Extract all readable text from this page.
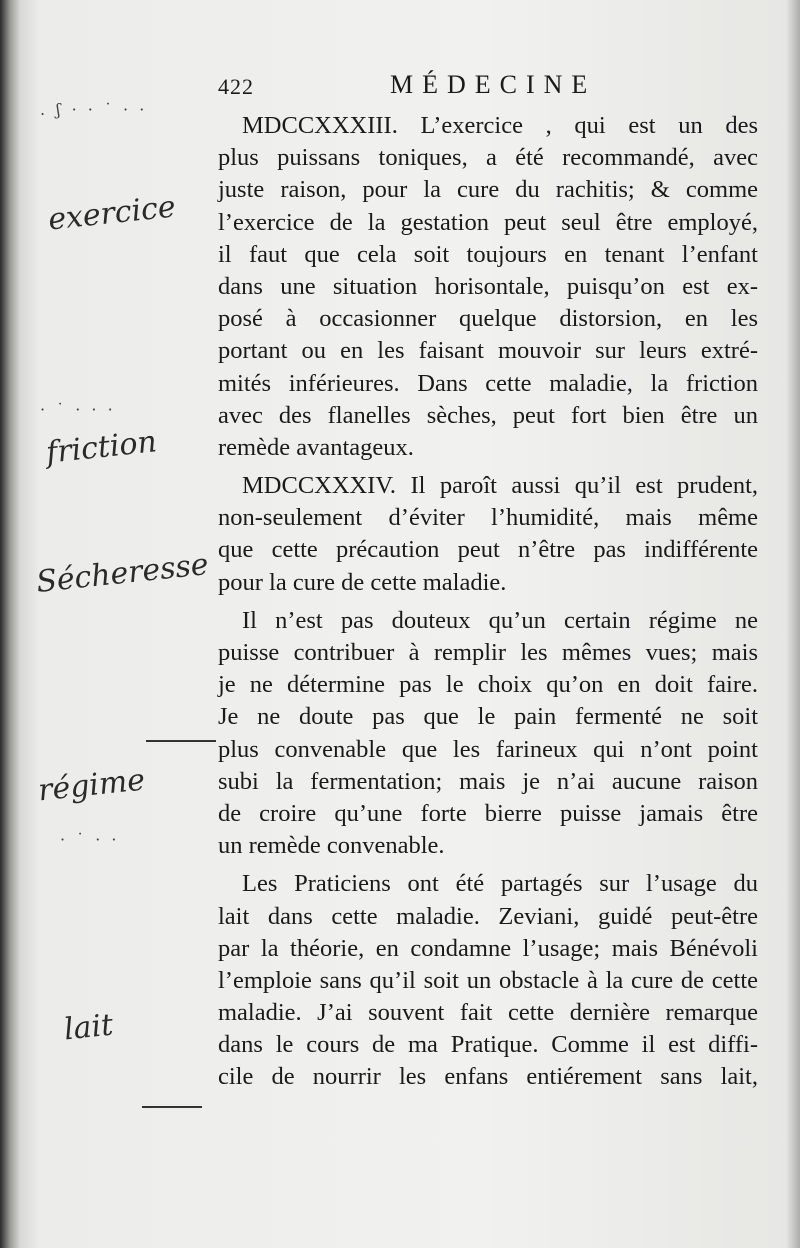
422	MÉDECINE
MDCCXXXIII. L’exercice , qui est un des
plus puissans toniques, a été recommandé, avec
juste raison, pour la cure du rachitis; & comme
l’exercice de la gestation peut seul être employé,
il faut que cela soit toujours en tenant l’enfant
dans une situation horisontale, puisqu’on est ex-
posé à occasionner quelque distorsion, en les
portant ou en les faisant mouvoir sur leurs extré-
mités inférieures. Dans cette maladie, la friction
avec des flanelles sèches, peut fort bien être un
remède avantageux.
MDCCXXXIV. Il paroît aussi qu’il est prudent,
non-seulement d’éviter l’humidité, mais même
que cette précaution peut n’être pas indifférente
pour la cure de cette maladie.
Il n’est pas douteux qu’un certain régime ne
puisse contribuer à remplir les mêmes vues; mais
je ne détermine pas le choix qu’on en doit faire.
Je ne doute pas que le pain fermenté ne soit
plus convenable que les farineux qui n’ont point
subi la fermentation; mais je n’ai aucune raison
de croire qu’une forte bierre puisse jamais être
un remède convenable.
Les Praticiens ont été partagés sur l’usage du
lait dans cette maladie. Zeviani, guidé peut-être
par la théorie, en condamne l’usage; mais Bénévoli
l’emploie sans qu’il soit un obstacle à la cure de cette
maladie. J’ai souvent fait cette dernière remarque
dans le cours de ma Pratique. Comme il est diffi-
cile de nourrir les enfans entiérement sans lait,
. ʃ · · ˙ · ·
exercice
· ˙ · · ·
friction
Sécheresse
régime
· ˙ · ·
lait
